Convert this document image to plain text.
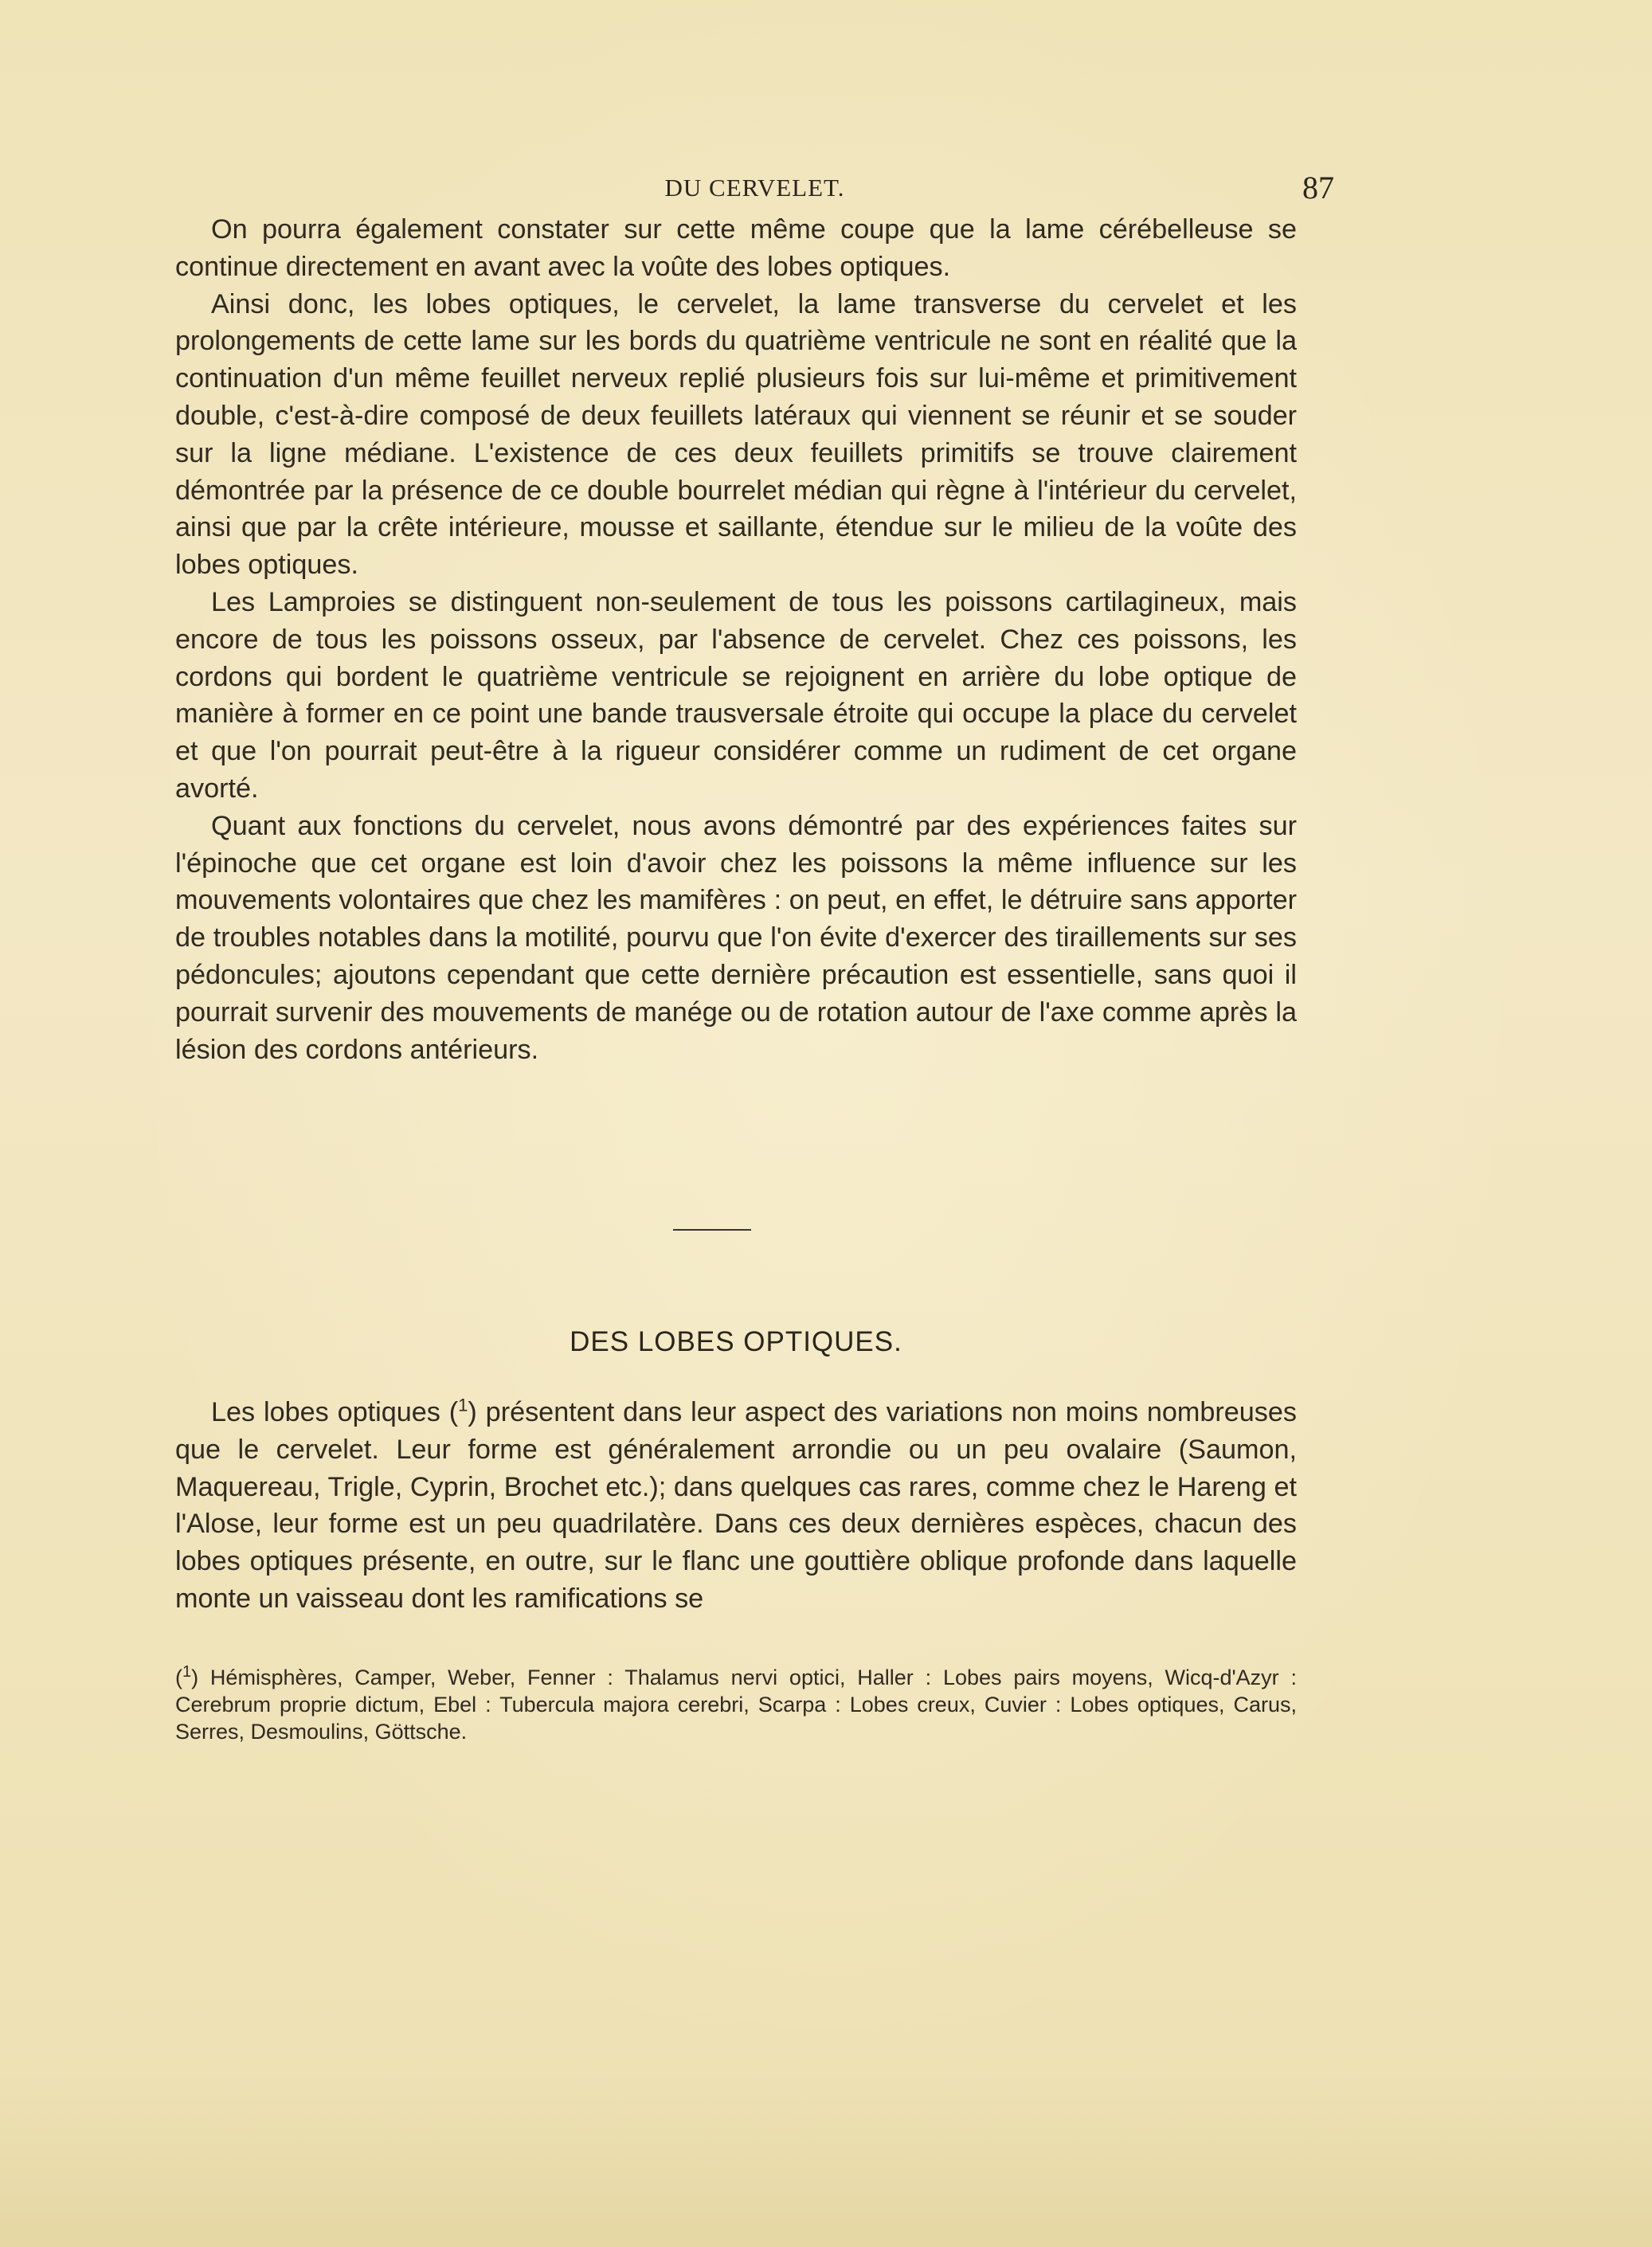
DU CERVELET.	87

On pourra également constater sur cette même coupe que la lame cérébelleuse se continue directement en avant avec la voûte des lobes optiques.

Ainsi donc, les lobes optiques, le cervelet, la lame transverse du cervelet et les prolongements de cette lame sur les bords du quatrième ventricule ne sont en réalité que la continuation d'un même feuillet nerveux replié plusieurs fois sur lui-même et primitivement double, c'est-à-dire composé de deux feuillets latéraux qui viennent se réunir et se souder sur la ligne médiane. L'existence de ces deux feuillets primitifs se trouve clairement démontrée par la présence de ce double bourrelet médian qui règne à l'intérieur du cervelet, ainsi que par la crête intérieure, mousse et saillante, étendue sur le milieu de la voûte des lobes optiques.

Les Lamproies se distinguent non-seulement de tous les poissons cartilagineux, mais encore de tous les poissons osseux, par l'absence de cervelet. Chez ces poissons, les cordons qui bordent le quatrième ventricule se rejoignent en arrière du lobe optique de manière à former en ce point une bande trausversale étroite qui occupe la place du cervelet et que l'on pourrait peut-être à la rigueur considérer comme un rudiment de cet organe avorté.

Quant aux fonctions du cervelet, nous avons démontré par des expériences faites sur l'épinoche que cet organe est loin d'avoir chez les poissons la même influence sur les mouvements volontaires que chez les mamifères : on peut, en effet, le détruire sans apporter de troubles notables dans la motilité, pourvu que l'on évite d'exercer des tiraillements sur ses pédoncules; ajoutons cependant que cette dernière précaution est essentielle, sans quoi il pourrait survenir des mouvements de manége ou de rotation autour de l'axe comme après la lésion des cordons antérieurs.

DES LOBES OPTIQUES.

Les lobes optiques ($^1$) présentent dans leur aspect des variations non moins nombreuses que le cervelet. Leur forme est généralement arrondie ou un peu ovalaire (Saumon, Maquereau, Trigle, Cyprin, Brochet etc.); dans quelques cas rares, comme chez le Hareng et l'Alose, leur forme est un peu quadrilatère. Dans ces deux dernières espèces, chacun des lobes optiques présente, en outre, sur le flanc une gouttière oblique profonde dans laquelle monte un vaisseau dont les ramifications se

($^1$) Hémisphères, Camper, Weber, Fenner : Thalamus nervi optici, Haller : Lobes pairs moyens, Wicq-d'Azyr : Cerebrum proprie dictum, Ebel : Tubercula majora cerebri, Scarpa : Lobes creux, Cuvier : Lobes optiques, Carus, Serres, Desmoulins, Göttsche.
